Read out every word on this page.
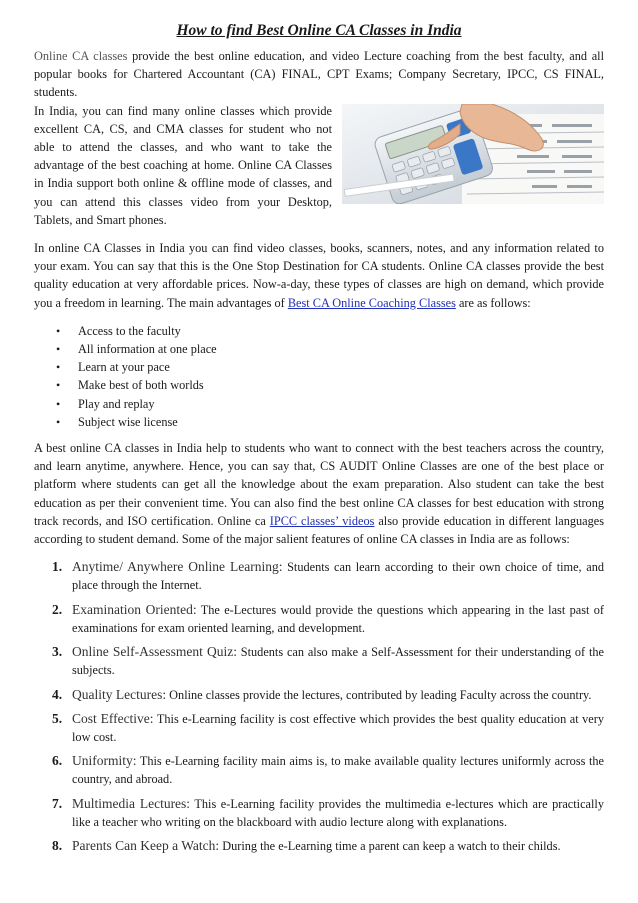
How to find Best Online CA Classes in India

Online CA classes provide the best online education, and video Lecture coaching from the best faculty, and all popular books for Chartered Accountant (CA) FINAL, CPT Exams; Company Secretary, IPCC, CS FINAL, students.

In India, you can find many online classes which provide excellent CA, CS, and CMA classes for student who not able to attend the classes, and who want to take the advantage of the best coaching at home. Online CA Classes in India support both online & offline mode of classes, and you can attend this classes video from your Desktop, Tablets, and Smart phones.

In online CA Classes in India you can find video classes, books, scanners, notes, and any information related to your exam. You can say that this is the One Stop Destination for CA students. Online CA classes provide the best quality education at very affordable prices. Now-a-day, these types of classes are high on demand, which provide you a freedom in learning. The main advantages of Best CA Online Coaching Classes are as follows:

• Access to the faculty
• All information at one place
• Learn at your pace
• Make best of both worlds
• Play and replay
• Subject wise license

A best online CA classes in India help to students who want to connect with the best teachers across the country, and learn anytime, anywhere. Hence, you can say that, CS AUDIT Online Classes are one of the best place or platform where students can get all the knowledge about the exam preparation. Also student can take the best education as per their convenient time. You can also find the best online CA classes for best education with strong track records, and ISO certification. Online ca IPCC classes’ videos also provide education in different languages according to student demand. Some of the major salient features of online CA classes in India are as follows:

1. Anytime/ Anywhere Online Learning: Students can learn according to their own choice of time, and place through the Internet.
2. Examination Oriented: The e-Lectures would provide the questions which appearing in the last past of examinations for exam oriented learning, and development.
3. Online Self-Assessment Quiz: Students can also make a Self-Assessment for their understanding of the subjects.
4. Quality Lectures: Online classes provide the lectures, contributed by leading Faculty across the country.
5. Cost Effective: This e-Learning facility is cost effective which provides the best quality education at very low cost.
6. Uniformity: This e-Learning facility main aims is, to make available quality lectures uniformly across the country, and abroad.
7. Multimedia Lectures: This e-Learning facility provides the multimedia e-lectures which are practically like a teacher who writing on the blackboard with audio lecture along with explanations.
8. Parents Can Keep a Watch: During the e-Learning time a parent can keep a watch to their childs.
